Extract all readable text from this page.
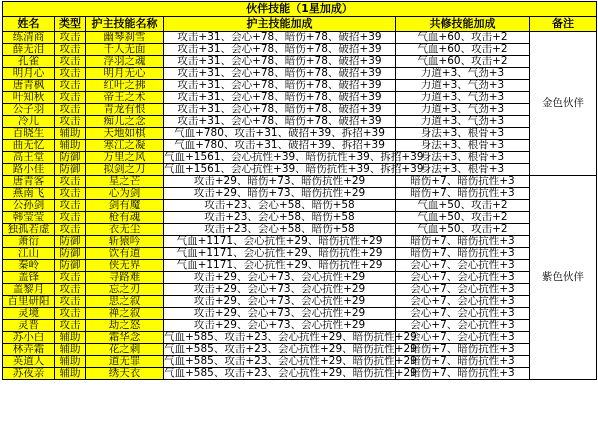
伙伴技能（1星加成）					
姓名	类型	护主技能名称	护主技能加成	共修技能加成	备注
练清商	攻击	幽琴刹雪	攻击+31、会心+78、暗伤+78、破招+39	气血+60、攻击+2	金色伙伴
薛无泪	攻击	千人无面	攻击+31、会心+78、暗伤+78、破招+39	气血+60、攻击+2	
孔雀	攻击	浮羽之魂	攻击+31、会心+78、暗伤+78、破招+39	气血+60、攻击+2	
明月心	攻击	明月无心	攻击+31、会心+78、暗伤+78、破招+39	力道+3、气劲+3	
唐青枫	攻击	红叶之拂	攻击+31、会心+78、暗伤+78、破招+39	力道+3、气劲+3	
叶知秋	攻击	帝王之术	攻击+31、会心+78、暗伤+78、破招+39	力道+3、气劲+3	
公子羽	攻击	青龙有恨	攻击+31、会心+78、暗伤+78、破招+39	力道+3、气劲+3	
冷儿	攻击	痴儿之念	攻击+31、会心+78、暗伤+78、破招+39	力道+3、气劲+3	
百晓生	辅助	天地如棋	气血+780、攻击+31、破招+39、拆招+39	身法+3、根骨+3	
曲无忆	辅助	寒江之凝	气血+780、攻击+31、破招+39、拆招+39	身法+3、根骨+3	
高王堂	防御	万里之风	气血+1561、会心抗性+39、暗伤抗性+39、拆招+39	身法+3、根骨+3	
路小佳	防御	拟剑之刀	气血+1561、会心抗性+39、暗伤抗性+39、拆招+39	身法+3、根骨+3	
唐青客	攻击	星之芒	攻击+29、暗伤+73、暗伤抗性+29	暗伤+7、暗伤抗性+3	紫色伙伴
燕南飞	攻击	心为剑	攻击+29、暗伤+73、暗伤抗性+29	暗伤+7、暗伤抗性+3	
公孙剑	攻击	剑有魔	攻击+23、会心+58、暗伤+58	气血+50、攻击+2	
韩莹莹	攻击	枪有魂	攻击+23、会心+58、暗伤+58	气血+50、攻击+2	
独孤若虚	攻击	衣无尘	攻击+23、会心+58、暗伤+58	气血+50、攻击+2	
萧衍	防御	斩猿吟	气血+1171、会心抗性+29、暗伤抗性+29	暗伤+7、暗伤抗性+3	
江山	防御	饮有道	气血+1171、会心抗性+29、暗伤抗性+29	暗伤+7、暗伤抗性+3	
秦岭	防御	侠无界	气血+1171、会心抗性+29、暗伤抗性+29	会心+7、会心抗性+3	
盖锋	攻击	寻路难	攻击+29、会心+73、会心抗性+29	会心+7、会心抗性+3	
盖黎月	攻击	忘之刃	攻击+29、会心+73、会心抗性+29	会心+7、会心抗性+3	
百里研阳	攻击	思之叙	攻击+29、会心+73、会心抗性+29	会心+7、会心抗性+3	
灵境	攻击	禅之叙	攻击+29、会心+73、会心抗性+29	会心+7、会心抗性+3	
灵晋	攻击	劫之怒	攻击+29、会心+73、会心抗性+29	会心+7、会心抗性+3	
苏小白	辅助	霜华念	气血+585、攻击+23、会心抗性+29、暗伤抗性+29	会心+7、会心抗性+3	
林弄霜	辅助	花之刺	气血+585、攻击+23、会心抗性+29、暗伤抗性+29	暗伤+7、暗伤抗性+3	
英道人	辅助	道无罪	气血+585、攻击+23、会心抗性+29、暗伤抗性+29	暗伤+7、暗伤抗性+3	
苏夜亲	辅助	绣天衣	气血+585、攻击+23、会心抗性+29、暗伤抗性+29	暗伤+7、暗伤抗性+3	
